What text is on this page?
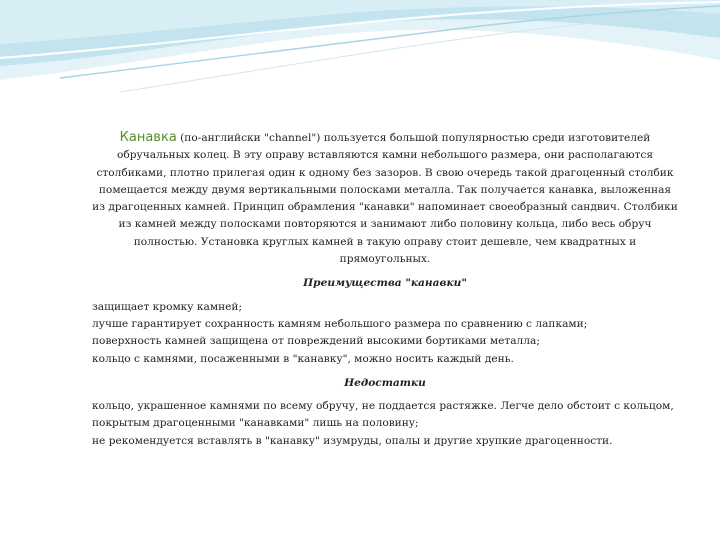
Канавка (по-английски "channel") пользуется большой популярностью среди изготовителей обручальных колец. В эту оправу вставляются камни небольшого размера, они располагаются столбиками, плотно прилегая один к одному без зазоров. В свою очередь такой драгоценный столбик помещается между двумя вертикальными полосками металла. Так получается канавка, выложенная из драгоценных камней. Принцип обрамления "канавки" напоминает своеобразный сандвич. Столбики из камней между полосками повторяются и занимают либо половину кольца, либо весь обруч полностью. Установка круглых камней в такую оправу стоит дешевле, чем квадратных и прямоугольных.

Преимущества "канавки"
защищает кромку камней;
лучше гарантирует сохранность камням небольшого размера по сравнению с лапками;
поверхность камней защищена от повреждений высокими бортиками металла;
кольцо с камнями, посаженными в "канавку", можно носить каждый день.
Недостатки
кольцо, украшенное камнями по всему обручу, не поддается растяжке. Легче дело обстоит с кольцом, покрытым драгоценными "канавками" лишь на половину;
не рекомендуется вставлять в "канавку" изумруды, опалы и другие хрупкие драгоценности.
